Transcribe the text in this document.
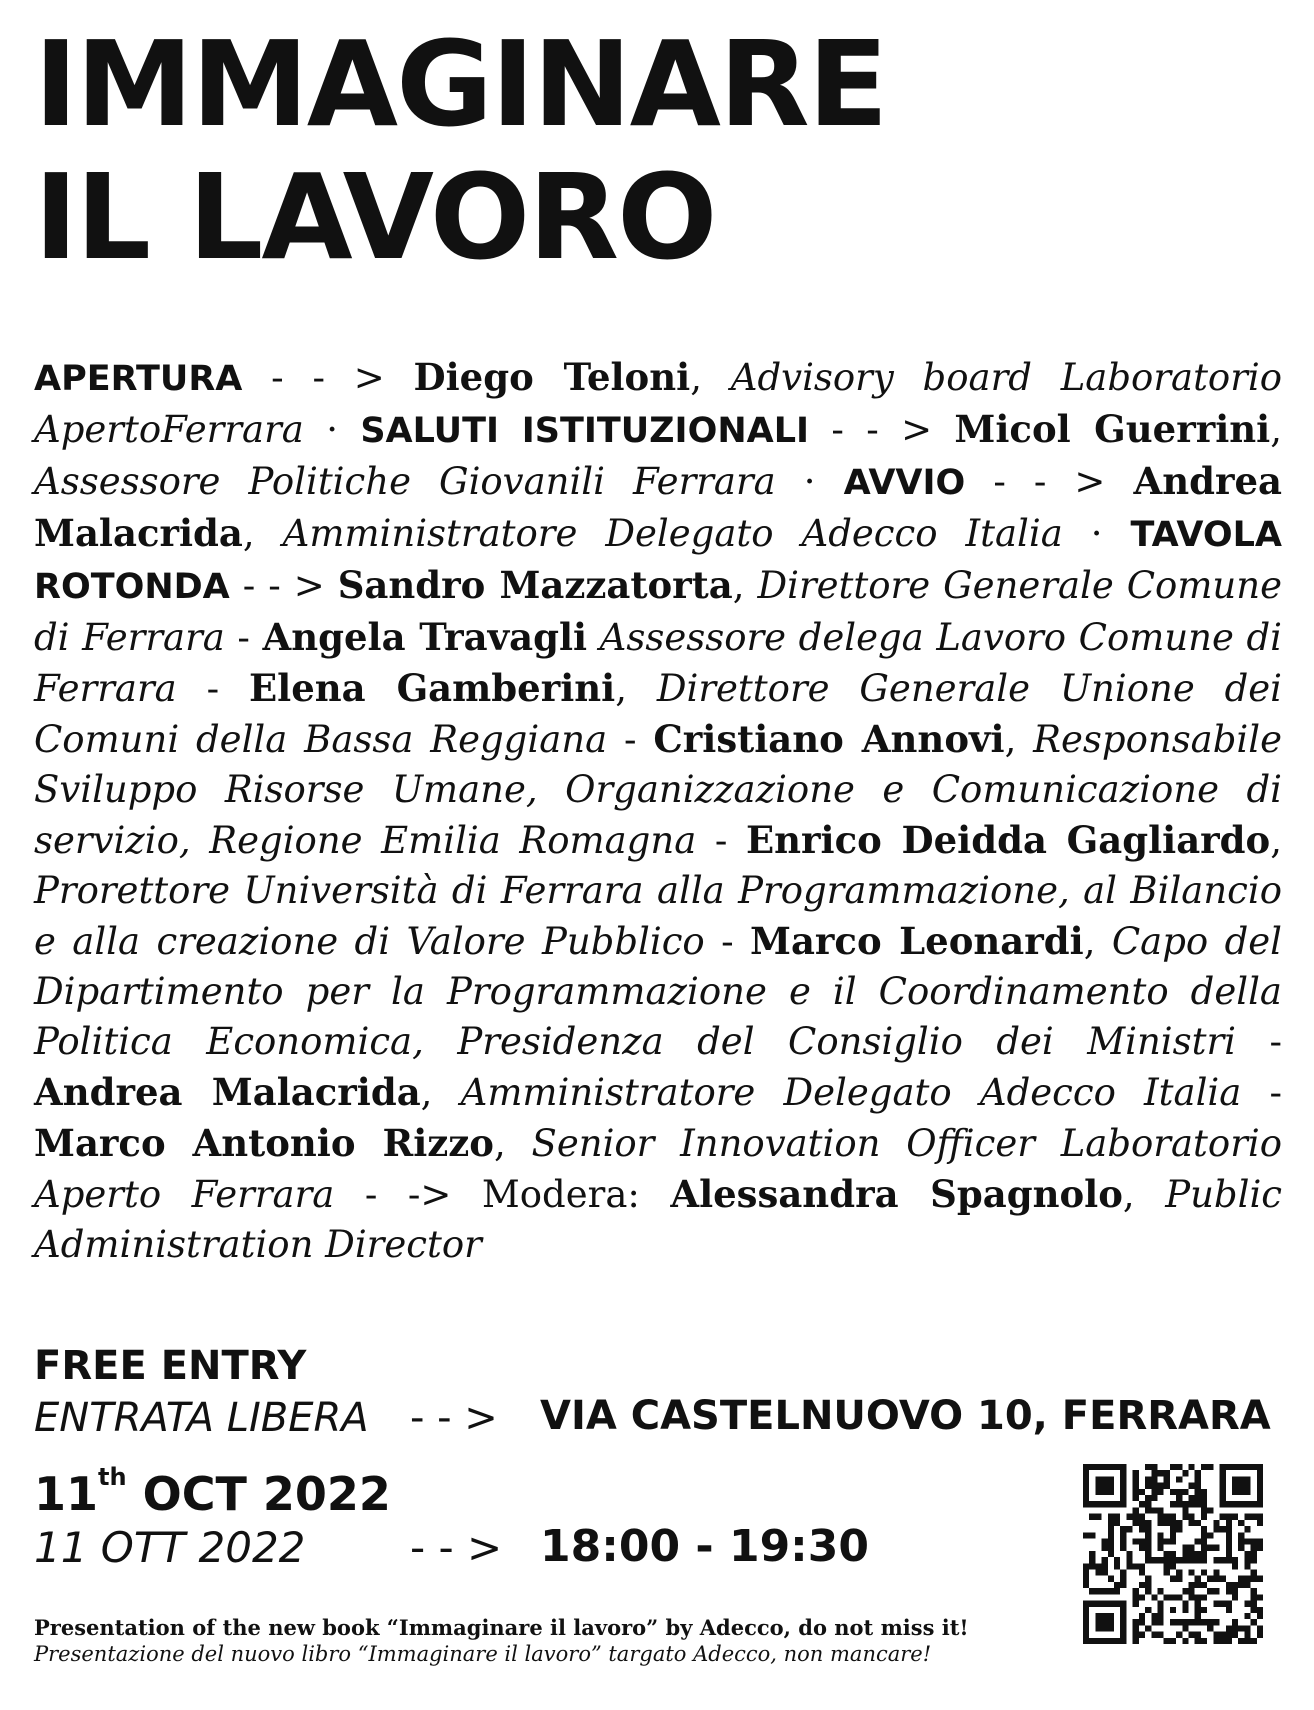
IMMAGINARE
IL LAVORO

APERTURA - - > Diego Teloni, Advisory board Laboratorio ApertoFerrara · SALUTI ISTITUZIONALI - - > Micol Guerrini, Assessore Politiche Giovanili Ferrara · AVVIO - - > Andrea Malacrida, Amministratore Delegato Adecco Italia · TAVOLA ROTONDA - - > Sandro Mazzatorta, Direttore Generale Comune di Ferrara - Angela Travagli Assessore delega Lavoro Comune di Ferrara - Elena Gamberini, Direttore Generale Unione dei Comuni della Bassa Reggiana - Cristiano Annovi, Responsabile Sviluppo Risorse Umane, Organizzazione e Comunicazione di servizio, Regione Emilia Romagna - Enrico Deidda Gagliardo, Prorettore Università di Ferrara alla Programmazione, al Bilancio e alla creazione di Valore Pubblico - Marco Leonardi, Capo del Dipartimento per la Programmazione e il Coordinamento della Politica Economica, Presidenza del Consiglio dei Ministri - Andrea Malacrida, Amministratore Delegato Adecco Italia - Marco Antonio Rizzo, Senior Innovation Officer Laboratorio Aperto Ferrara - -> Modera: Alessandra Spagnolo, Public Administration Director

FREE ENTRY
ENTRATA LIBERA - - > VIA CASTELNUOVO 10, FERRARA
11th OCT 2022
11 OTT 2022 - - > 18:00 - 19:30
Presentation of the new book “Immaginare il lavoro” by Adecco, do not miss it!
Presentazione del nuovo libro “Immaginare il lavoro” targato Adecco, non mancare!
